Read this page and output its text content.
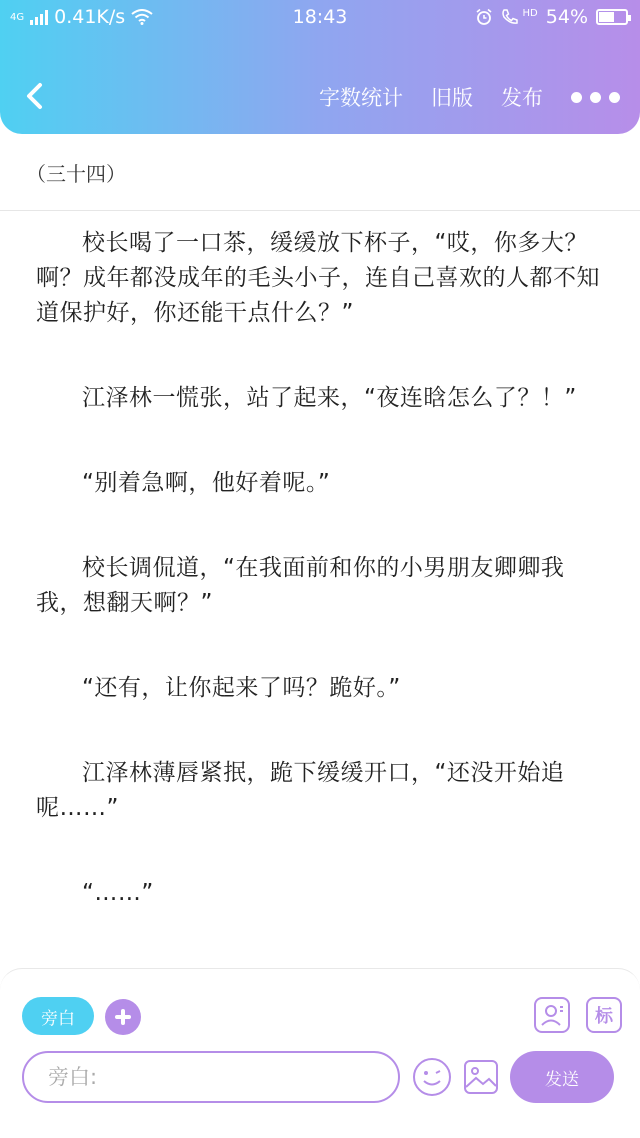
4G 0.41K/s	18:43	HD 54%
字数统计 旧版 发布
（三十四）

校长喝了一口茶，缓缓放下杯子，“哎，你多大？啊？成年都没成年的毛头小子，连自己喜欢的人都不知道保护好，你还能干点什么？”

江泽林一慌张，站了起来，“夜连晗怎么了？！”

“别着急啊，他好着呢。”

校长调侃道，“在我面前和你的小男朋友卿卿我我，想翻天啊？”

“还有，让你起来了吗？跪好。”

江泽林薄唇紧抿，跪下缓缓开口，“还没开始追呢……”

“……”

旁白	标
旁白:
发送
